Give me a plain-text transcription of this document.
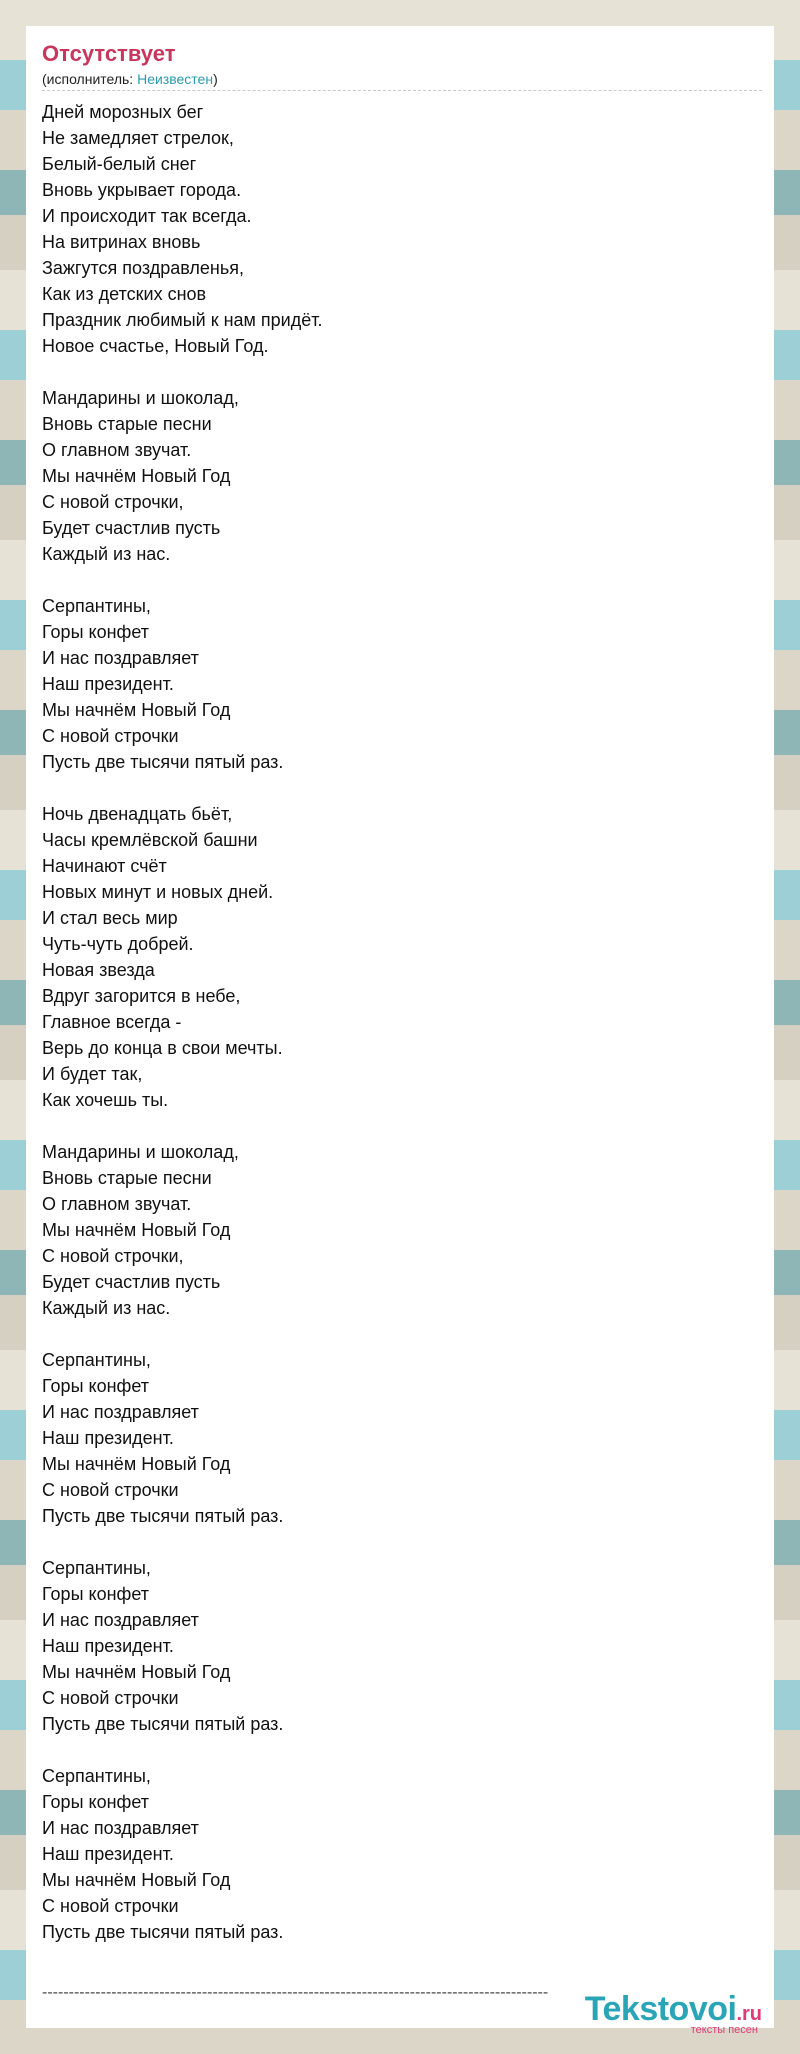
Отсутствует
(исполнитель: Неизвестен)
Дней морозных бег
Не замедляет стрелок,
Белый-белый снег
Вновь укрывает города.
И происходит так всегда.
На витринах вновь
Зажгутся поздравленья,
Как из детских снов
Праздник любимый к нам придёт.
Новое счастье, Новый Год.
Мандарины и шоколад,
Вновь старые песни
О главном звучат.
Мы начнём Новый Год
С новой строчки,
Будет счастлив пусть
Каждый из нас.
Серпантины,
Горы конфет
И нас поздравляет
Наш президент.
Мы начнём Новый Год
С новой строчки
Пусть две тысячи пятый раз.
Ночь двенадцать бьёт,
Часы кремлёвской башни
Начинают счёт
Новых минут и новых дней.
И стал весь мир
Чуть-чуть добрей.
Новая звезда
Вдруг загорится в небе,
Главное всегда -
Верь до конца в свои мечты.
И будет так,
Как хочешь ты.
Мандарины и шоколад,
Вновь старые песни
О главном звучат.
Мы начнём Новый Год
С новой строчки,
Будет счастлив пусть
Каждый из нас.
Серпантины,
Горы конфет
И нас поздравляет
Наш президент.
Мы начнём Новый Год
С новой строчки
Пусть две тысячи пятый раз.
Серпантины,
Горы конфет
И нас поздравляет
Наш президент.
Мы начнём Новый Год
С новой строчки
Пусть две тысячи пятый раз.
Серпантины,
Горы конфет
И нас поздравляет
Наш президент.
Мы начнём Новый Год
С новой строчки
Пусть две тысячи пятый раз.
-----------------------------------------------------------------------------------------------	Tekstovoi.ru
тексты песен
